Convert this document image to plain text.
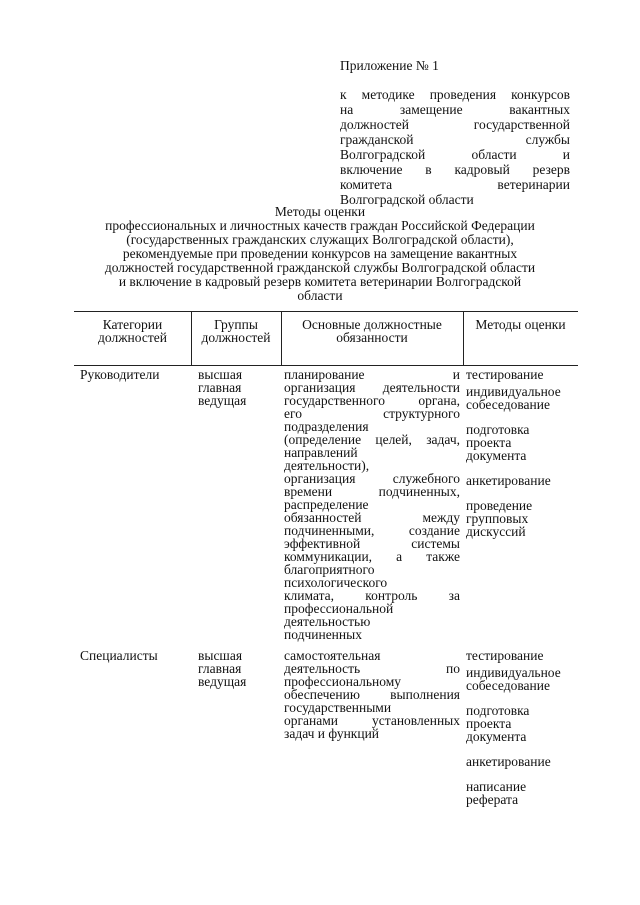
Приложение № 1
к методике проведения конкурсов
на замещение вакантных
должностей государственной
гражданской службы
Волгоградской области и
включение в кадровый резерв
комитета ветеринарии
Волгоградской области
Методы оценки
профессиональных и личностных качеств граждан Российской Федерации
(государственных гражданских служащих Волгоградской области),
рекомендуемые при проведении конкурсов на замещение вакантных
должностей государственной гражданской службы Волгоградской области
и включение в кадровый резерв комитета ветеринарии Волгоградской
области
Категории
должностей
Группы
должностей
Основные должностные
обязанности
Методы оценки
Руководители	высшая
главная
ведущая
планирование и
организация деятельности
государственного органа,
его структурного
подразделения
(определение целей, задач,
направлений
деятельности),
организация служебного
времени подчиненных,
распределение
обязанностей между
подчиненными, создание
эффективной системы
коммуникации, а также
благоприятного
психологического
климата, контроль за
профессиональной
деятельностью
подчиненных
тестирование
индивидуальное
собеседование
подготовка
проекта
документа
анкетирование
проведение
групповых
дискуссий
Специалисты	высшая
главная
ведущая
самостоятельная
деятельность по
профессиональному
обеспечению выполнения
государственными
органами установленных
задач и функций
тестирование
индивидуальное
собеседование
подготовка
проекта
документа
анкетирование
написание
реферата
